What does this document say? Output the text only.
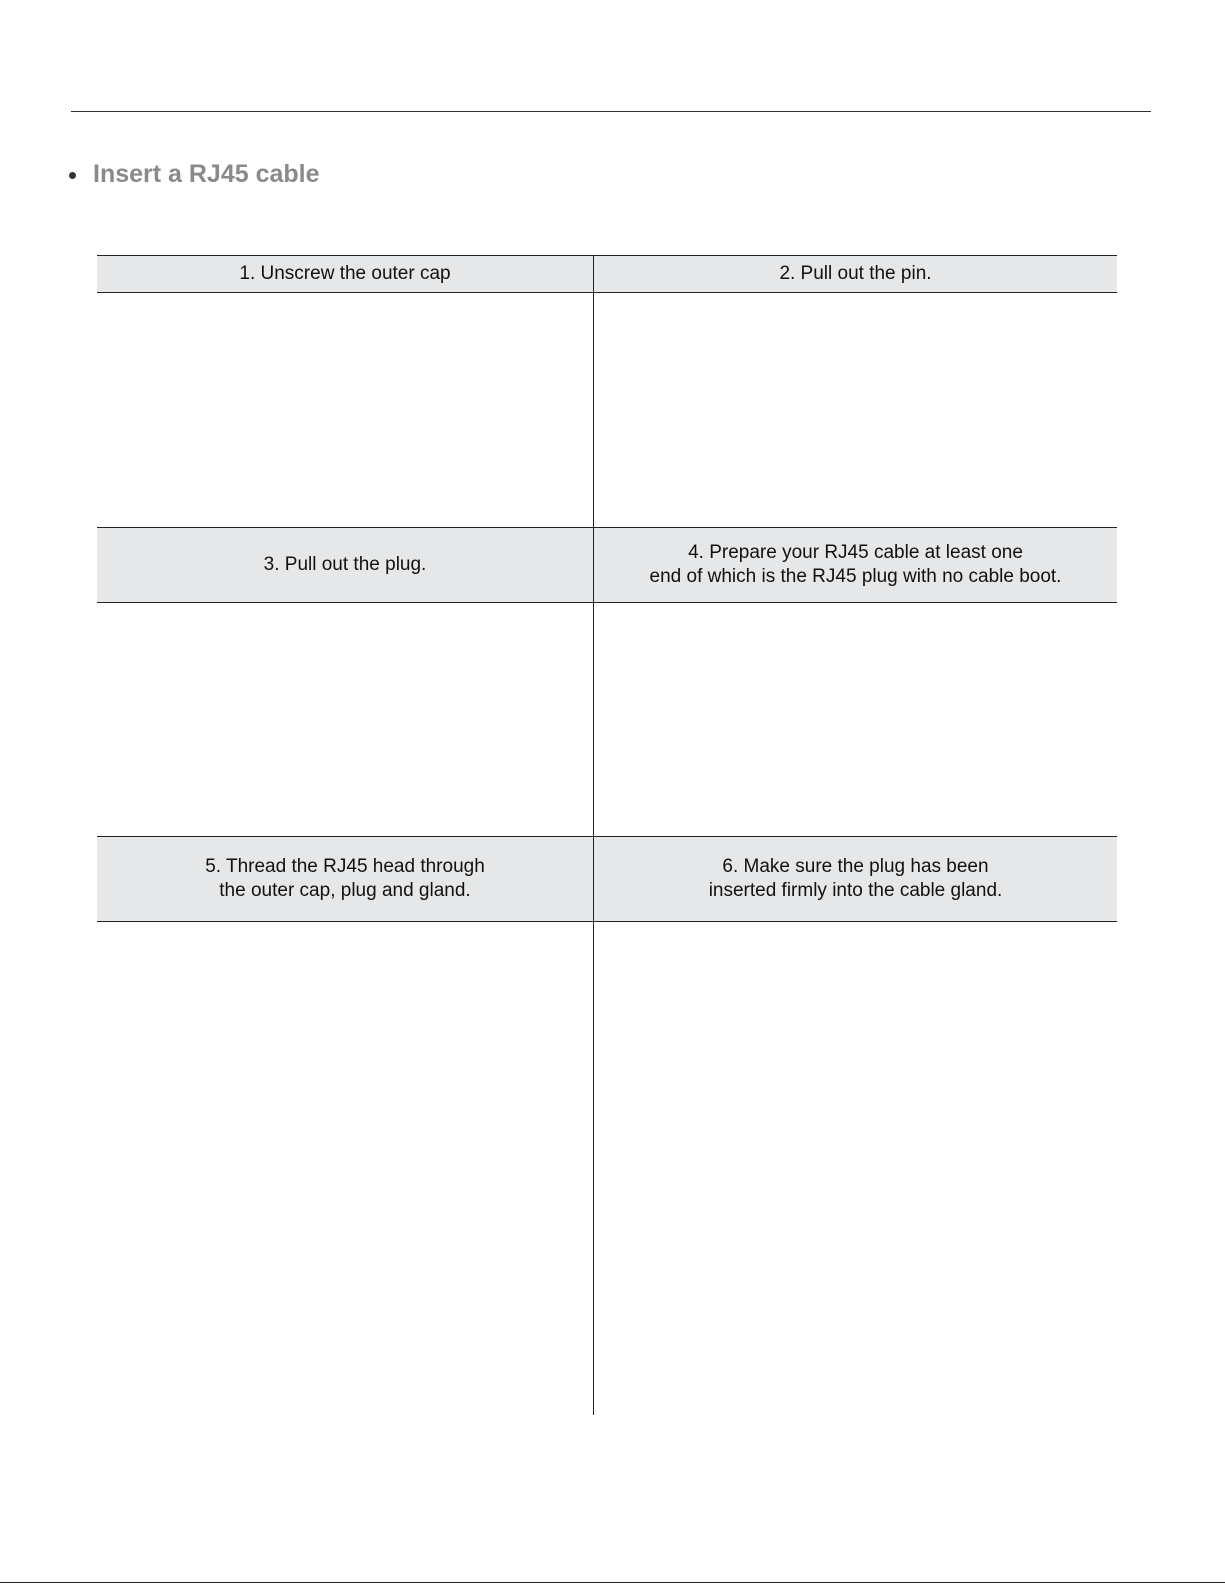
Insert a RJ45 cable
1. Unscrew the outer cap	2. Pull out the pin.
3. Pull out the plug.
4. Prepare your RJ45 cable at least one
end of which is the RJ45 plug with no cable boot.
5. Thread the RJ45 head through
the outer cap, plug and gland.
6. Make sure the plug has been
inserted firmly into the cable gland.
